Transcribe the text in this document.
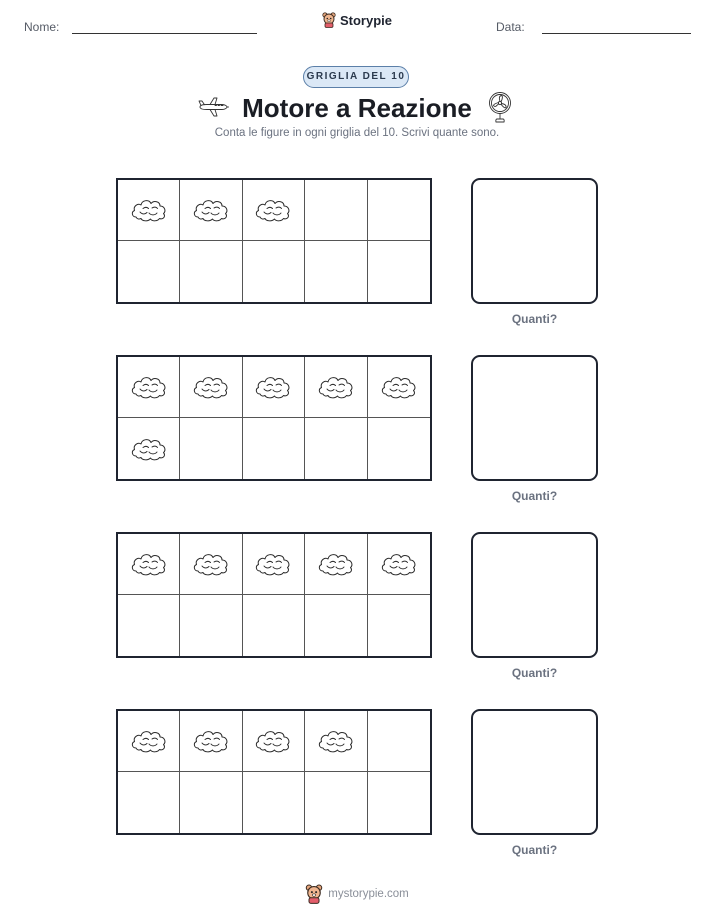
Nome:	Storypie	Data:
GRIGLIA DEL 10
Motore a Reazione
Conta le figure in ogni griglia del 10. Scrivi quante sono.
Quanti?
Quanti?
Quanti?
Quanti?
mystorypie.com
